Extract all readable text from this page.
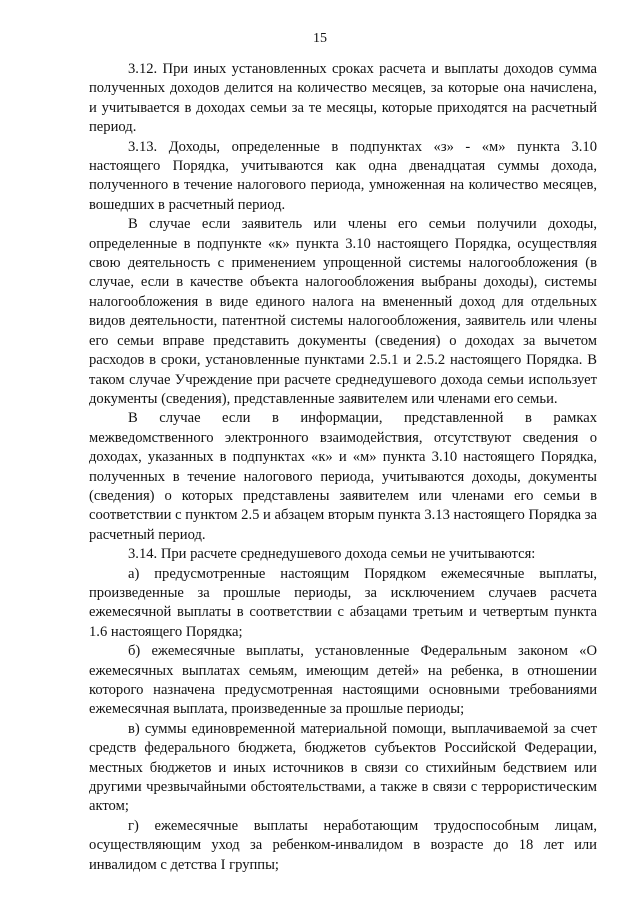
15

3.12. При иных установленных сроках расчета и выплаты доходов сумма полученных доходов делится на количество месяцев, за которые она начислена, и учитывается в доходах семьи за те месяцы, которые приходятся на расчетный период.

3.13. Доходы, определенные в подпунктах «з» - «м» пункта 3.10 настоящего Порядка, учитываются как одна двенадцатая суммы дохода, полученного в течение налогового периода, умноженная на количество месяцев, вошедших в расчетный период.

В случае если заявитель или члены его семьи получили доходы, определенные в подпункте «к» пункта 3.10 настоящего Порядка, осуществляя свою деятельность с применением упрощенной системы налогообложения (в случае, если в качестве объекта налогообложения выбраны доходы), системы налогообложения в виде единого налога на вмененный доход для отдельных видов деятельности, патентной системы налогообложения, заявитель или члены его семьи вправе представить документы (сведения) о доходах за вычетом расходов в сроки, установленные пунктами 2.5.1 и 2.5.2 настоящего Порядка. В таком случае Учреждение при расчете среднедушевого дохода семьи использует документы (сведения), представленные заявителем или членами его семьи.

В случае если в информации, представленной в рамках межведомственного электронного взаимодействия, отсутствуют сведения о доходах, указанных в подпунктах «к» и «м» пункта 3.10 настоящего Порядка, полученных в течение налогового периода, учитываются доходы, документы (сведения) о которых представлены заявителем или членами его семьи в соответствии с пунктом 2.5 и абзацем вторым пункта 3.13 настоящего Порядка за расчетный период.

3.14. При расчете среднедушевого дохода семьи не учитываются:

а) предусмотренные настоящим Порядком ежемесячные выплаты, произведенные за прошлые периоды, за исключением случаев расчета ежемесячной выплаты в соответствии с абзацами третьим и четвертым пункта 1.6 настоящего Порядка;

б) ежемесячные выплаты, установленные Федеральным законом «О ежемесячных выплатах семьям, имеющим детей» на ребенка, в отношении которого назначена предусмотренная настоящими основными требованиями ежемесячная выплата, произведенные за прошлые периоды;

в) суммы единовременной материальной помощи, выплачиваемой за счет средств федерального бюджета, бюджетов субъектов Российской Федерации, местных бюджетов и иных источников в связи со стихийным бедствием или другими чрезвычайными обстоятельствами, а также в связи с террористическим актом;

г) ежемесячные выплаты неработающим трудоспособным лицам, осуществляющим уход за ребенком-инвалидом в возрасте до 18 лет или инвалидом с детства I группы;
